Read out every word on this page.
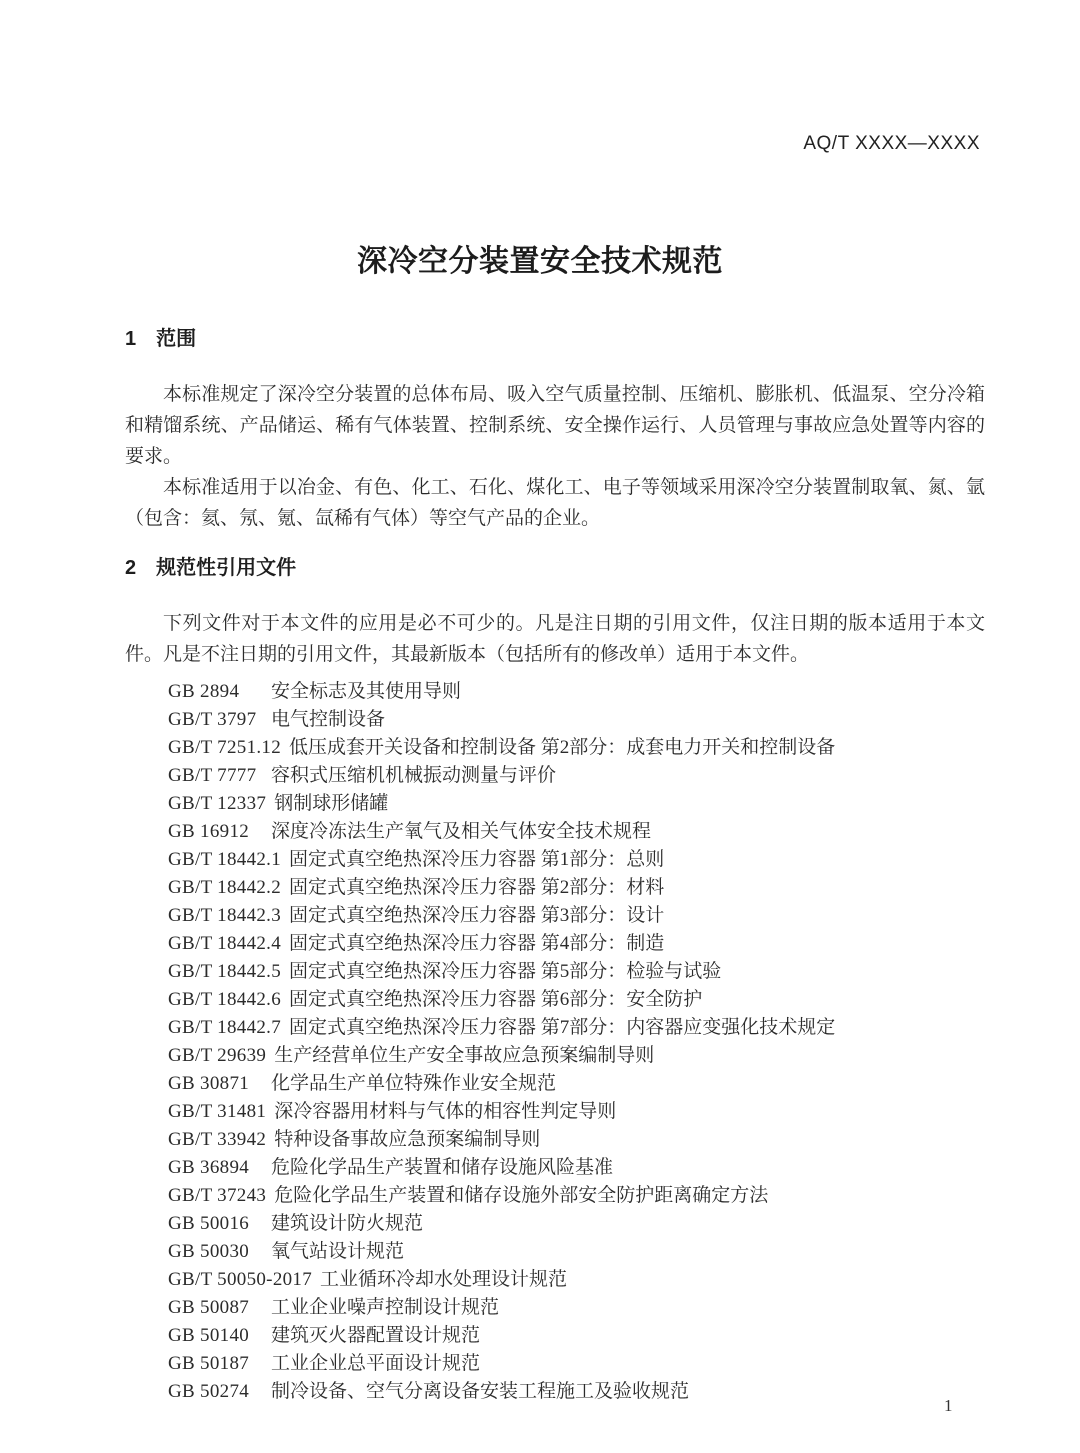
AQ/T XXXX—XXXX
深冷空分装置安全技术规范
1 范围

本标准规定了深冷空分装置的总体布局、吸入空气质量控制、压缩机、膨胀机、低温泵、空分冷箱和精馏系统、产品储运、稀有气体装置、控制系统、安全操作运行、人员管理与事故应急处置等内容的要求。

本标准适用于以冶金、有色、化工、石化、煤化工、电子等领域采用深冷空分装置制取氧、氮、氩（包含：氦、氖、氪、氙稀有气体）等空气产品的企业。

2 规范性引用文件

下列文件对于本文件的应用是必不可少的。凡是注日期的引用文件，仅注日期的版本适用于本文件。凡是不注日期的引用文件，其最新版本（包括所有的修改单）适用于本文件。

GB 2894 安全标志及其使用导则
GB/T 3797 电气控制设备
GB/T 7251.12 低压成套开关设备和控制设备 第2部分：成套电力开关和控制设备
GB/T 7777 容积式压缩机机械振动测量与评价
GB/T 12337 钢制球形储罐
GB 16912 深度冷冻法生产氧气及相关气体安全技术规程
GB/T 18442.1 固定式真空绝热深冷压力容器 第1部分：总则
GB/T 18442.2 固定式真空绝热深冷压力容器 第2部分：材料
GB/T 18442.3 固定式真空绝热深冷压力容器 第3部分：设计
GB/T 18442.4 固定式真空绝热深冷压力容器 第4部分：制造
GB/T 18442.5 固定式真空绝热深冷压力容器 第5部分：检验与试验
GB/T 18442.6 固定式真空绝热深冷压力容器 第6部分：安全防护
GB/T 18442.7 固定式真空绝热深冷压力容器 第7部分：内容器应变强化技术规定
GB/T 29639 生产经营单位生产安全事故应急预案编制导则
GB 30871 化学品生产单位特殊作业安全规范
GB/T 31481 深冷容器用材料与气体的相容性判定导则
GB/T 33942 特种设备事故应急预案编制导则
GB 36894 危险化学品生产装置和储存设施风险基准
GB/T 37243 危险化学品生产装置和储存设施外部安全防护距离确定方法
GB 50016 建筑设计防火规范
GB 50030 氧气站设计规范
GB/T 50050-2017 工业循环冷却水处理设计规范
GB 50087 工业企业噪声控制设计规范
GB 50140 建筑灭火器配置设计规范
GB 50187 工业企业总平面设计规范
GB 50274 制冷设备、空气分离设备安装工程施工及验收规范
1
